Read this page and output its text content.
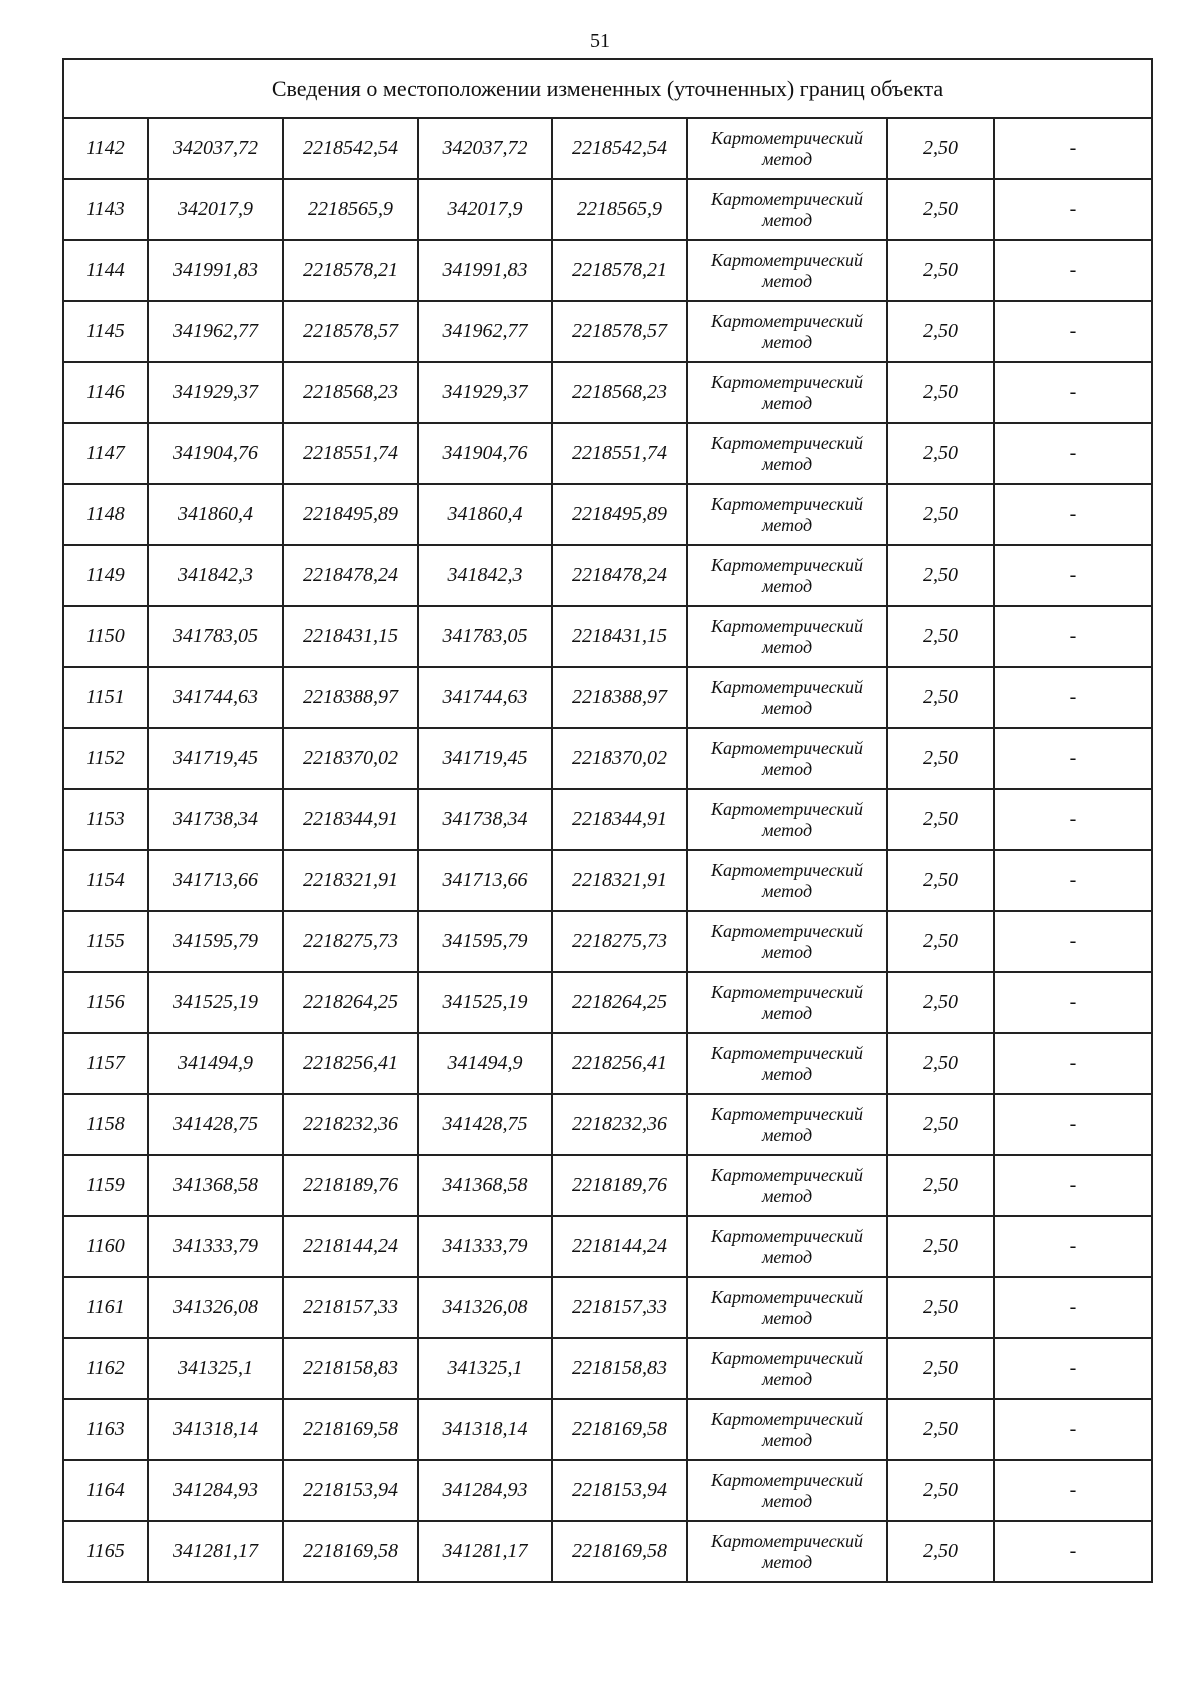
51
Сведения о местоположении измененных (уточненных) границ объекта							
1142	342037,72	2218542,54	342037,72	2218542,54	Картометрический
метод	2,50	-
1143	342017,9	2218565,9	342017,9	2218565,9	Картометрический
метод	2,50	-
1144	341991,83	2218578,21	341991,83	2218578,21	Картометрический
метод	2,50	-
1145	341962,77	2218578,57	341962,77	2218578,57	Картометрический
метод	2,50	-
1146	341929,37	2218568,23	341929,37	2218568,23	Картометрический
метод	2,50	-
1147	341904,76	2218551,74	341904,76	2218551,74	Картометрический
метод	2,50	-
1148	341860,4	2218495,89	341860,4	2218495,89	Картометрический
метод	2,50	-
1149	341842,3	2218478,24	341842,3	2218478,24	Картометрический
метод	2,50	-
1150	341783,05	2218431,15	341783,05	2218431,15	Картометрический
метод	2,50	-
1151	341744,63	2218388,97	341744,63	2218388,97	Картометрический
метод	2,50	-
1152	341719,45	2218370,02	341719,45	2218370,02	Картометрический
метод	2,50	-
1153	341738,34	2218344,91	341738,34	2218344,91	Картометрический
метод	2,50	-
1154	341713,66	2218321,91	341713,66	2218321,91	Картометрический
метод	2,50	-
1155	341595,79	2218275,73	341595,79	2218275,73	Картометрический
метод	2,50	-
1156	341525,19	2218264,25	341525,19	2218264,25	Картометрический
метод	2,50	-
1157	341494,9	2218256,41	341494,9	2218256,41	Картометрический
метод	2,50	-
1158	341428,75	2218232,36	341428,75	2218232,36	Картометрический
метод	2,50	-
1159	341368,58	2218189,76	341368,58	2218189,76	Картометрический
метод	2,50	-
1160	341333,79	2218144,24	341333,79	2218144,24	Картометрический
метод	2,50	-
1161	341326,08	2218157,33	341326,08	2218157,33	Картометрический
метод	2,50	-
1162	341325,1	2218158,83	341325,1	2218158,83	Картометрический
метод	2,50	-
1163	341318,14	2218169,58	341318,14	2218169,58	Картометрический
метод	2,50	-
1164	341284,93	2218153,94	341284,93	2218153,94	Картометрический
метод	2,50	-
1165	341281,17	2218169,58	341281,17	2218169,58	Картометрический
метод	2,50	-
